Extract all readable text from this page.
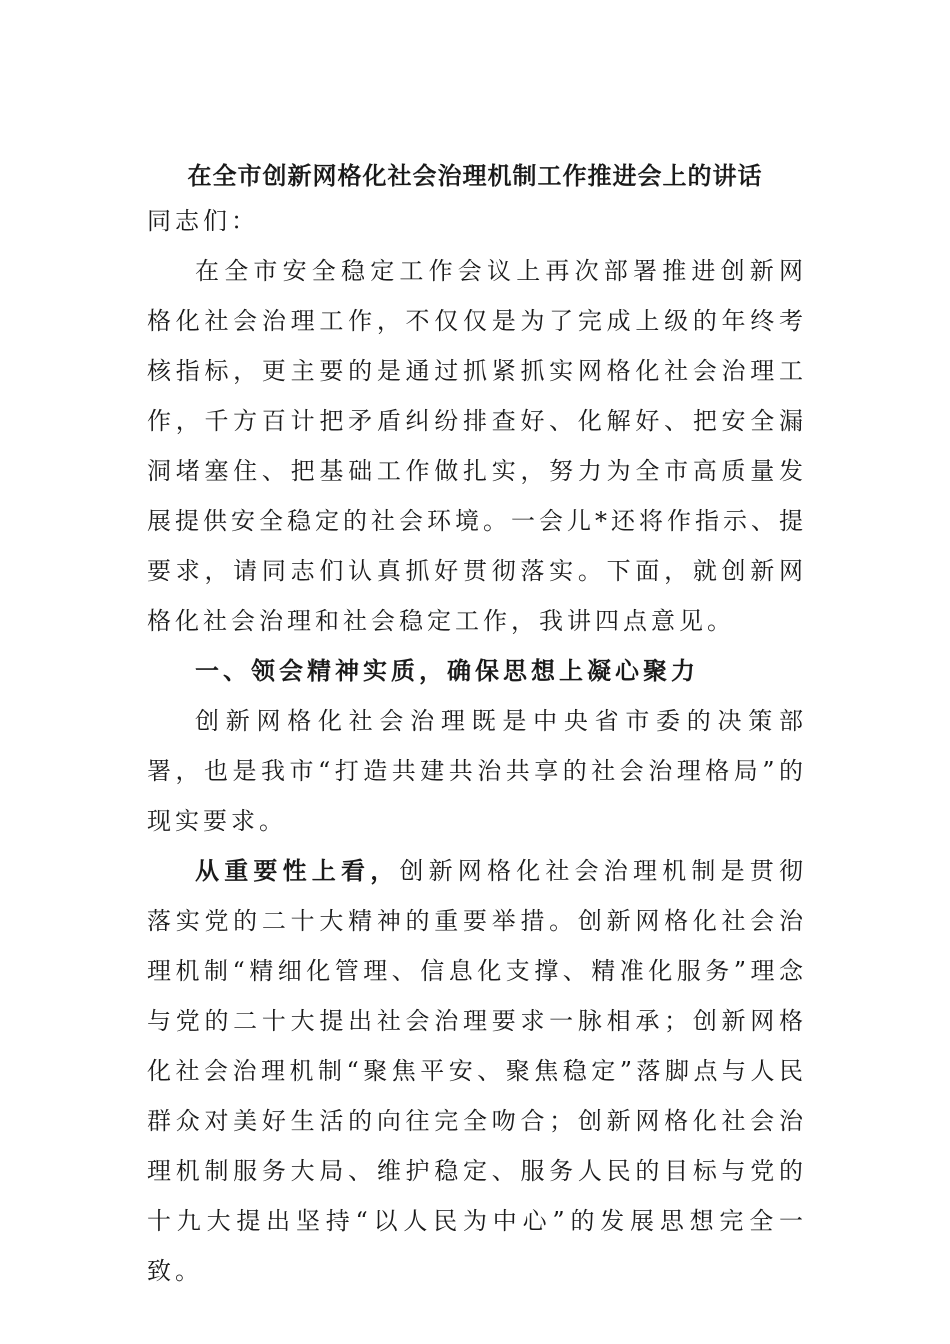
在全市创新网格化社会治理机制工作推进会上的讲话

同志们：

在全市安全稳定工作会议上再次部署推进创新网格化社会治理工作，不仅仅是为了完成上级的年终考核指标，更主要的是通过抓紧抓实网格化社会治理工作，千方百计把矛盾纠纷排查好、化解好、把安全漏洞堵塞住、把基础工作做扎实，努力为全市高质量发展提供安全稳定的社会环境。一会儿*还将作指示、提要求，请同志们认真抓好贯彻落实。下面，就创新网格化社会治理和社会稳定工作，我讲四点意见。

一、领会精神实质，确保思想上凝心聚力

创新网格化社会治理既是中央省市委的决策部署，也是我市“打造共建共治共享的社会治理格局”的现实要求。

从重要性上看，创新网格化社会治理机制是贯彻落实党的二十大精神的重要举措。创新网格化社会治理机制“精细化管理、信息化支撑、精准化服务”理念与党的二十大提出社会治理要求一脉相承；创新网格化社会治理机制“聚焦平安、聚焦稳定”落脚点与人民群众对美好生活的向往完全吻合；创新网格化社会治理机制服务大局、维护稳定、服务人民的目标与党的十九大提出坚持“以人民为中心”的发展思想完全一致。
